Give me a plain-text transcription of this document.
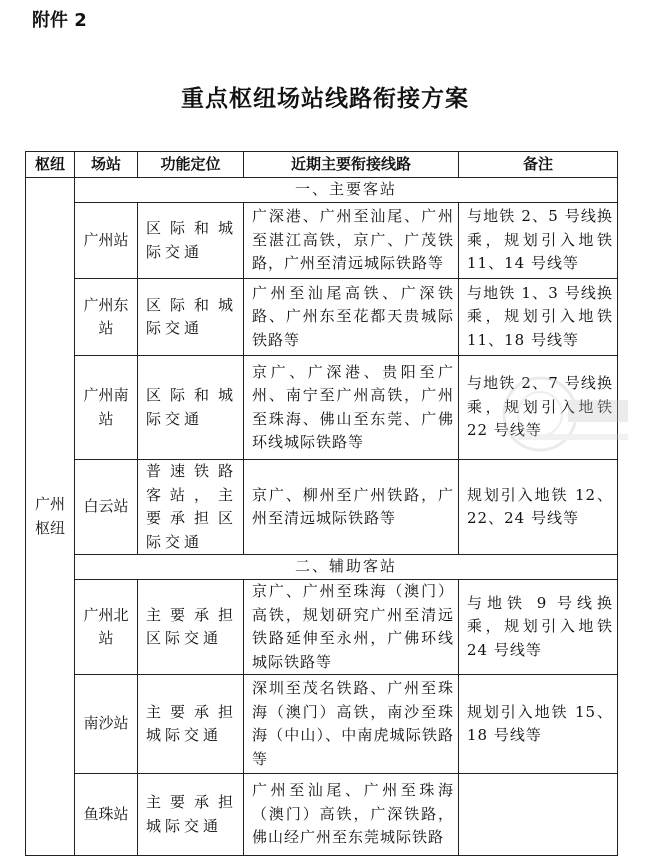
附件 2
重点枢纽场站线路衔接方案
枢纽	场站	功能定位	近期主要衔接线路	备注
广州枢纽	一、主要客站			
	广州站	区际和城际交通	广深港、广州至汕尾、广州至湛江高铁，京广、广茂铁路，广州至清远城际铁路等	与地铁 2、5 号线换乘，规划引入地铁 11、14 号线等
	广州东站	区际和城际交通	广州至汕尾高铁、广深铁路、广州东至花都天贵城际铁路等	与地铁 1、3 号线换乘，规划引入地铁 11、18 号线等
	广州南站	区际和城际交通	京广、广深港、贵阳至广州、南宁至广州高铁，广州至珠海、佛山至东莞、广佛环线城际铁路等	与地铁 2、7 号线换乘，规划引入地铁 22 号线等
	白云站	普速铁路客站，主要承担区际交通	京广、柳州至广州铁路，广州至清远城际铁路等	规划引入地铁 12、22、24 号线等
	二、辅助客站			
	广州北站	主要承担区际交通	京广、广州至珠海（澳门）高铁，规划研究广州至清远铁路延伸至永州，广佛环线城际铁路等	与地铁 9 号线换乘，规划引入地铁 24 号线等
	南沙站	主要承担城际交通	深圳至茂名铁路、广州至珠海（澳门）高铁，南沙至珠海（中山）、中南虎城际铁路等	规划引入地铁 15、18 号线等
	鱼珠站	主要承担城际交通	广州至汕尾、广州至珠海（澳门）高铁，广深铁路，佛山经广州至东莞城际铁路	
